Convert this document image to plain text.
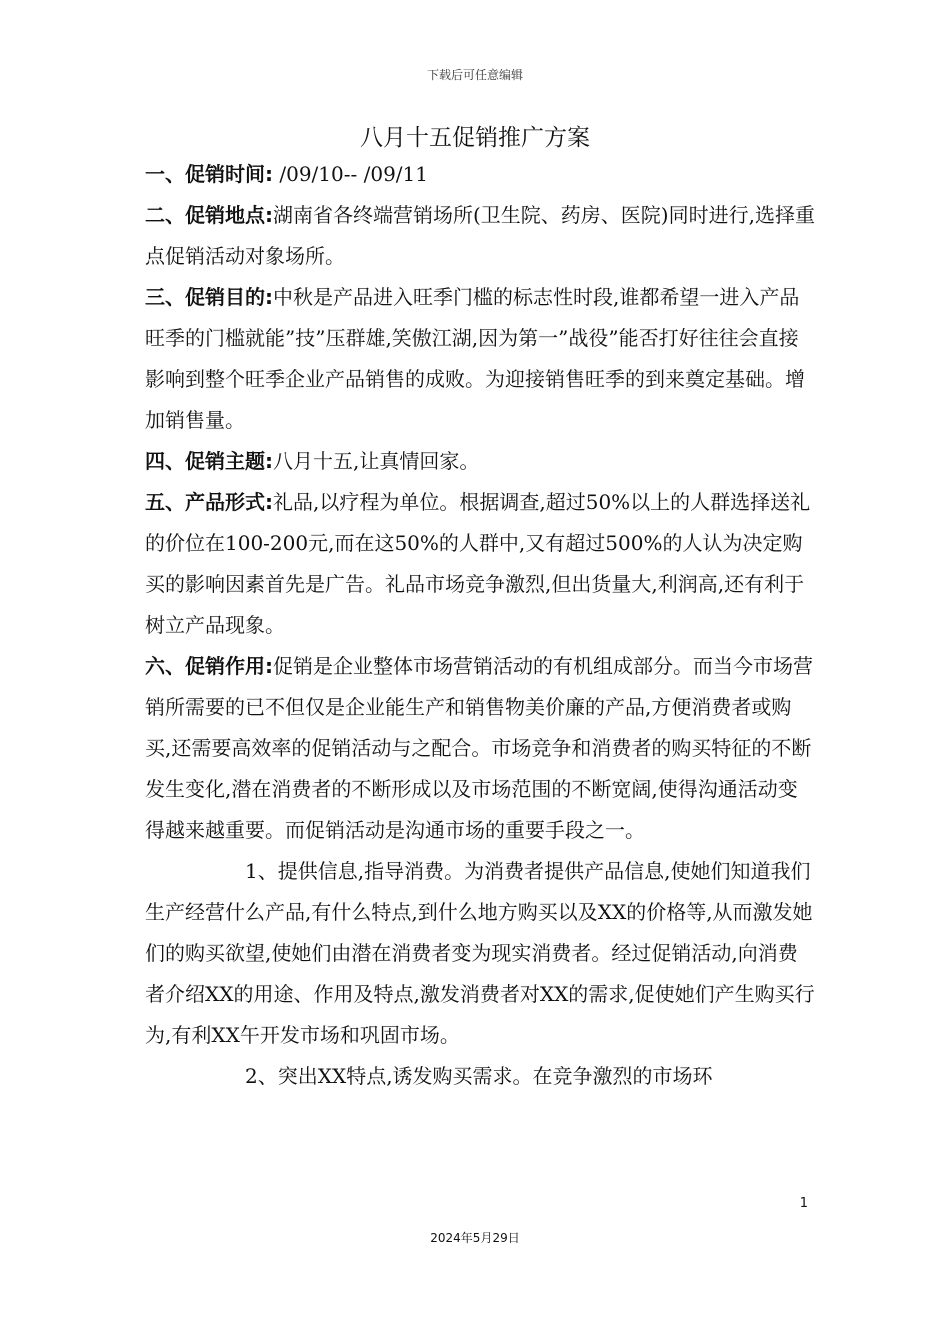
下载后可任意编辑
八月十五促销推广方案

一、促销时间: /09/10-- /09/11

二、促销地点:湖南省各终端营销场所(卫生院、药房、医院)同时进行,选择重点促销活动对象场所。

三、促销目的:中秋是产品进入旺季门槛的标志性时段,谁都希望一进入产品旺季的门槛就能”技”压群雄,笑傲江湖,因为第一”战役”能否打好往往会直接影响到整个旺季企业产品销售的成败。为迎接销售旺季的到来奠定基础。增加销售量。

四、促销主题:八月十五,让真情回家。

五、产品形式:礼品,以疗程为单位。根据调查,超过50%以上的人群选择送礼的价位在100-200元,而在这50%的人群中,又有超过500%的人认为决定购买的影响因素首先是广告。礼品市场竞争激烈,但出货量大,利润高,还有利于树立产品现象。

六、促销作用:促销是企业整体市场营销活动的有机组成部分。而当今市场营销所需要的已不但仅是企业能生产和销售物美价廉的产品,方便消费者或购买,还需要高效率的促销活动与之配合。市场竞争和消费者的购买特征的不断发生变化,潜在消费者的不断形成以及市场范围的不断宽阔,使得沟通活动变得越来越重要。而促销活动是沟通市场的重要手段之一。

1、提供信息,指导消费。为消费者提供产品信息,使她们知道我们生产经营什么产品,有什么特点,到什么地方购买以及XX的价格等,从而激发她们的购买欲望,使她们由潜在消费者变为现实消费者。经过促销活动,向消费者介绍XX的用途、作用及特点,激发消费者对XX的需求,促使她们产生购买行为,有利XX午开发市场和巩固市场。

2、突出XX特点,诱发购买需求。在竞争激烈的市场环

1
2024年5月29日
